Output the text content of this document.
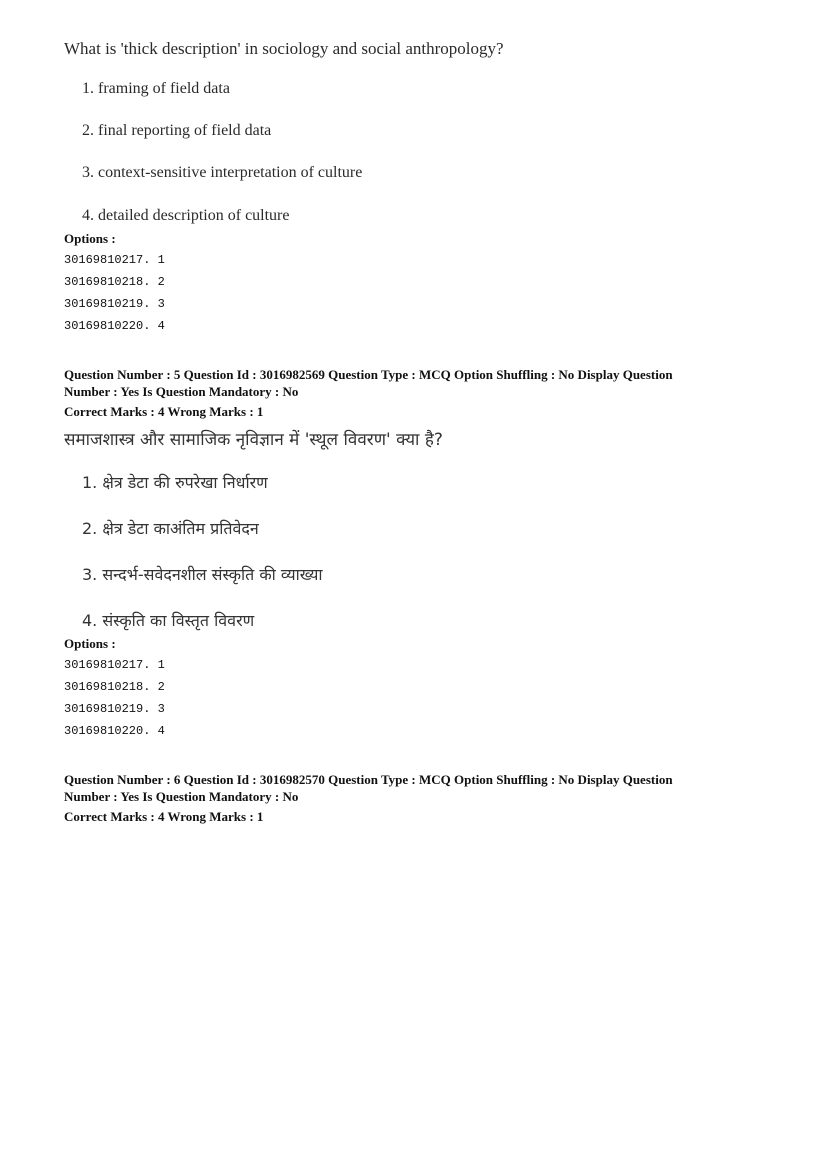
What is 'thick description' in sociology and social anthropology?
1. framing of field data
2. final reporting of field data
3. context-sensitive interpretation of culture
4. detailed description of culture
Options :
30169810217. 1
30169810218. 2
30169810219. 3
30169810220. 4
Question Number : 5 Question Id : 3016982569 Question Type : MCQ Option Shuffling : No Display Question
Number : Yes Is Question Mandatory : No
Correct Marks : 4 Wrong Marks : 1
समाजशास्त्र और सामाजिक नृविज्ञान में 'स्थूल विवरण' क्या है?
1. क्षेत्र डेटा की रुपरेखा निर्धारण
2. क्षेत्र डेटा काअंतिम प्रतिवेदन
3. सन्दर्भ-सवेदनशील संस्कृति की व्याख्या
4. संस्कृति का विस्तृत विवरण
Options :
30169810217. 1
30169810218. 2
30169810219. 3
30169810220. 4
Question Number : 6 Question Id : 3016982570 Question Type : MCQ Option Shuffling : No Display Question
Number : Yes Is Question Mandatory : No
Correct Marks : 4 Wrong Marks : 1
